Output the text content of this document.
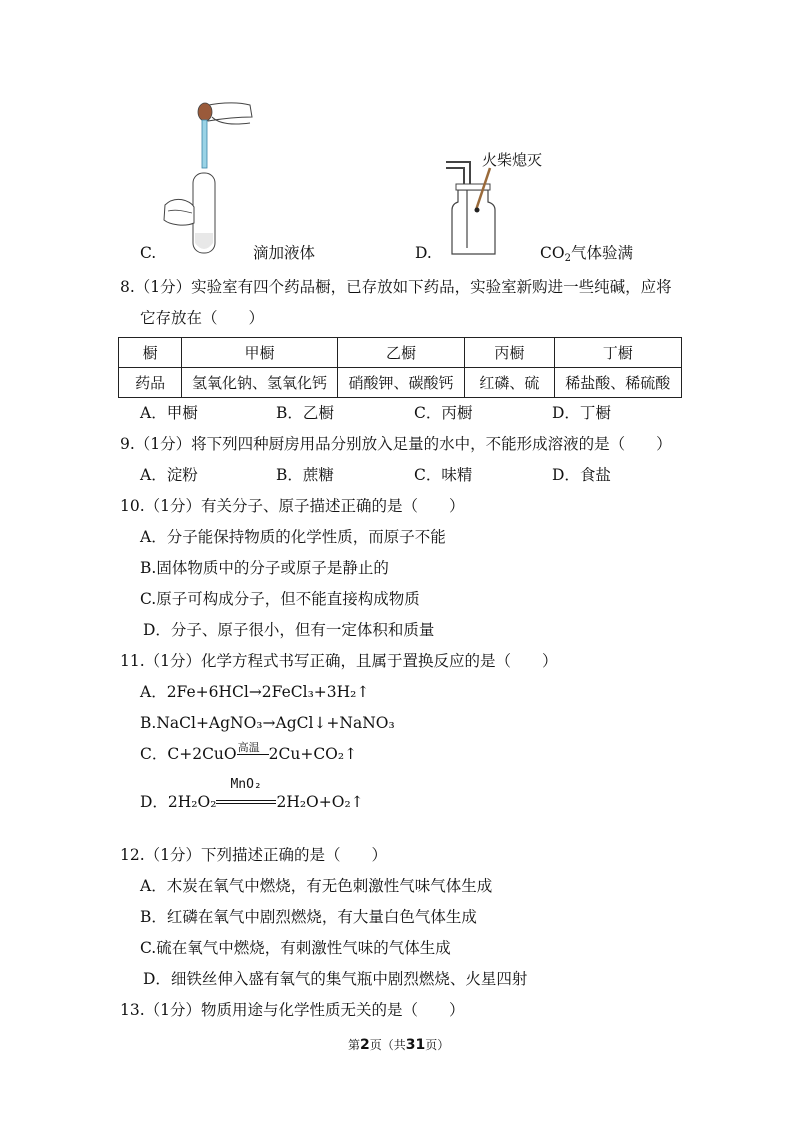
火柴熄灭
C.	滴加液体	D.	$CO_2$气体验满
8.（1分）实验室有四个药品橱，已存放如下药品，实验室新购进一些纯碱，应将
它存放在（　　）
橱	甲橱	乙橱	丙橱	丁橱
药品	氢氧化钠、氢氧化钙	硝酸钾、碳酸钙	红磷、硫	稀盐酸、稀硫酸
A．甲橱	B．乙橱	C．丙橱	D．丁橱
9.（1分）将下列四种厨房用品分别放入足量的水中，不能形成溶液的是（　　）
A．淀粉	B．蔗糖	C．味精	D．食盐
10.（1分）有关分子、原子描述正确的是（　　）
A．分子能保持物质的化学性质，而原子不能
B.固体物质中的分子或原子是静止的
C.原子可构成分子，但不能直接构成物质
D．分子、原子很小，但有一定体积和质量
11.（1分）化学方程式书写正确，且属于置换反应的是（　　）
A．2Fe+6HCl→2FeCl₃+3H₂↑
B.NaCl+AgNO₃→AgCl↓+NaNO₃
C．C+2CuO 高温 2Cu+CO₂↑
D．2H₂O₂
MnO₂
2H₂O+O₂↑
12.（1分）下列描述正确的是（　　）
A．木炭在氧气中燃烧，有无色刺激性气味气体生成
B．红磷在氧气中剧烈燃烧，有大量白色气体生成
C.硫在氧气中燃烧，有刺激性气味的气体生成
D．细铁丝伸入盛有氧气的集气瓶中剧烈燃烧、火星四射
13.（1分）物质用途与化学性质无关的是（　　）
第2页（共31页）
